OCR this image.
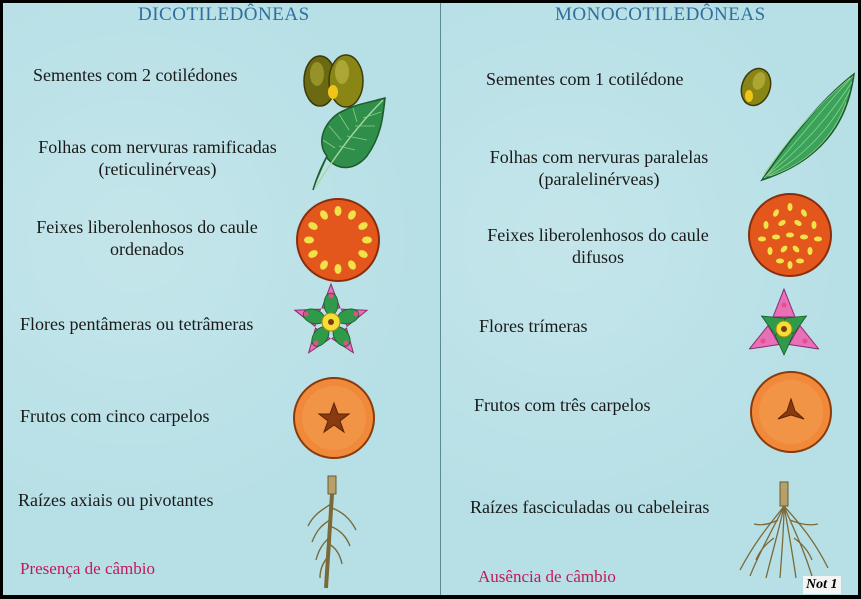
DICOTILEDÔNEAS	MONOCOTILEDÔNEAS
Sementes com 2 cotilédones
Folhas com nervuras ramificadas
(reticulinérveas)
Feixes liberolenhosos do caule
ordenados
Flores pentâmeras ou tetrâmeras
Frutos com cinco carpelos
Raízes axiais ou pivotantes
Presença de câmbio
Sementes com 1 cotilédone
Folhas com nervuras paralelas
(paralelinérveas)
Feixes liberolenhosos do caule
difusos
Flores trímeras
Frutos com três carpelos
Raízes fasciculadas ou cabeleiras
Ausência de câmbio	Not 1
